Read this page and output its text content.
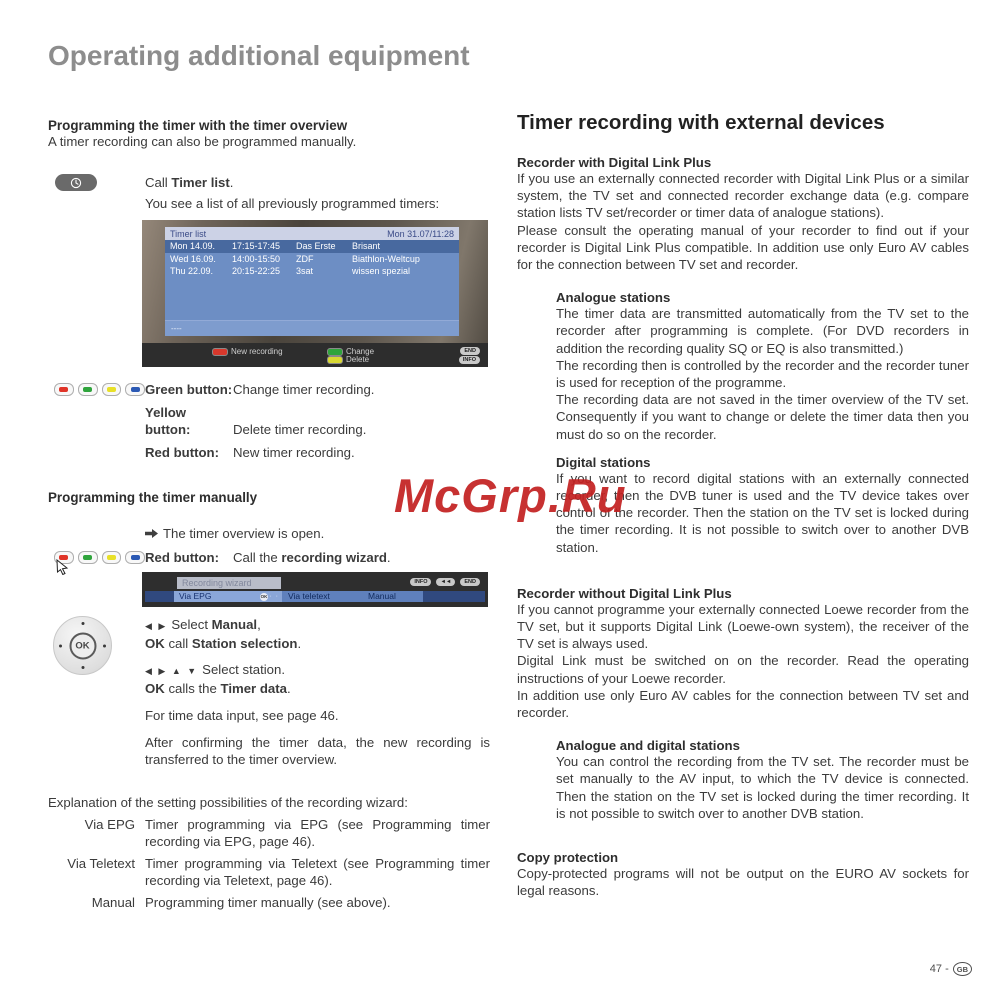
Operating additional equipment
McGrp.Ru
Programming the timer with the timer overview
A timer recording can also be programmed manually.
Call Timer list.
You see a list of all previously programmed timers:
Timer list	Mon 31.07/11:28
Mon 14.09.	17:15-17:45	Das Erste	Brisant
Wed 16.09.	14:00-15:50	ZDF	Biathlon-Weltcup
Thu 22.09.	20:15-22:25	3sat	wissen spezial
----
New recording	Change
Delete
END
INFO
Green button:Change timer recording.
Yellow button:	Delete timer recording.
Red button: New timer recording.
Programming the timer manually
The timer overview is open.
Red button: Call the recording wizard.
Recording wizard	INFO	◄◄	END
Via EPG	OK · ·	Via teletext	Manual
OK
◀ ▶ Select Manual,
OK call Station selection.
◀ ▶ ▲ ▼ Select station.
OK calls the Timer data.
For time data input, see page 46.
After confirming the timer data, the new recording is transferred to the timer overview.
Explanation of the setting possibilities of the recording wizard:
Via EPG Timer programming via EPG (see Programming timer recording via EPG, page 46).
Via Teletext Timer programming via Teletext (see Programming timer recording via Teletext, page 46).
Manual Programming timer manually (see above).
Timer recording with external devices
Recorder with Digital Link Plus

If you use an externally connected recorder with Digital Link Plus or a similar system, the TV set and connected recorder exchange data (e.g. compare station lists TV set/recorder or timer data of analogue stations).

Please consult the operating manual of your recorder to find out if your recorder is Digital Link Plus compatible. In addition use only Euro AV cables for the connection between TV set and recorder.

Analogue stations

The timer data are transmitted automatically from the TV set to the recorder after programming is complete. (For DVD recorders in addition the recording quality SQ or EQ is also transmitted.)

The recording then is controlled by the recorder and the recorder tuner is used for reception of the programme.

The recording data are not saved in the timer overview of the TV set. Consequently if you want to change or delete the timer data then you must do so on the recorder.

Digital stations

If you want to record digital stations with an externally connected recorder, then the DVB tuner is used and the TV device takes over control of the recorder. Then the station on the TV set is locked during the timer recording. It is not possible to switch over to another DVB station.

Recorder without Digital Link Plus

If you cannot programme your externally connected Loewe recorder from the TV set, but it supports Digital Link (Loewe-own system), the receiver of the TV set is always used.

Digital Link must be switched on on the recorder. Read the operating instructions of your Loewe recorder.

In addition use only Euro AV cables for the connection between TV set and recorder.

Analogue and digital stations

You can control the recording from the TV set. The recorder must be set manually to the AV input, to which the TV device is connected. Then the station on the TV set is locked during the timer recording. It is not possible to switch over to another DVB station.

Copy protection

Copy-protected programs will not be output on the EURO AV sockets for legal reasons.

47 -	GB
